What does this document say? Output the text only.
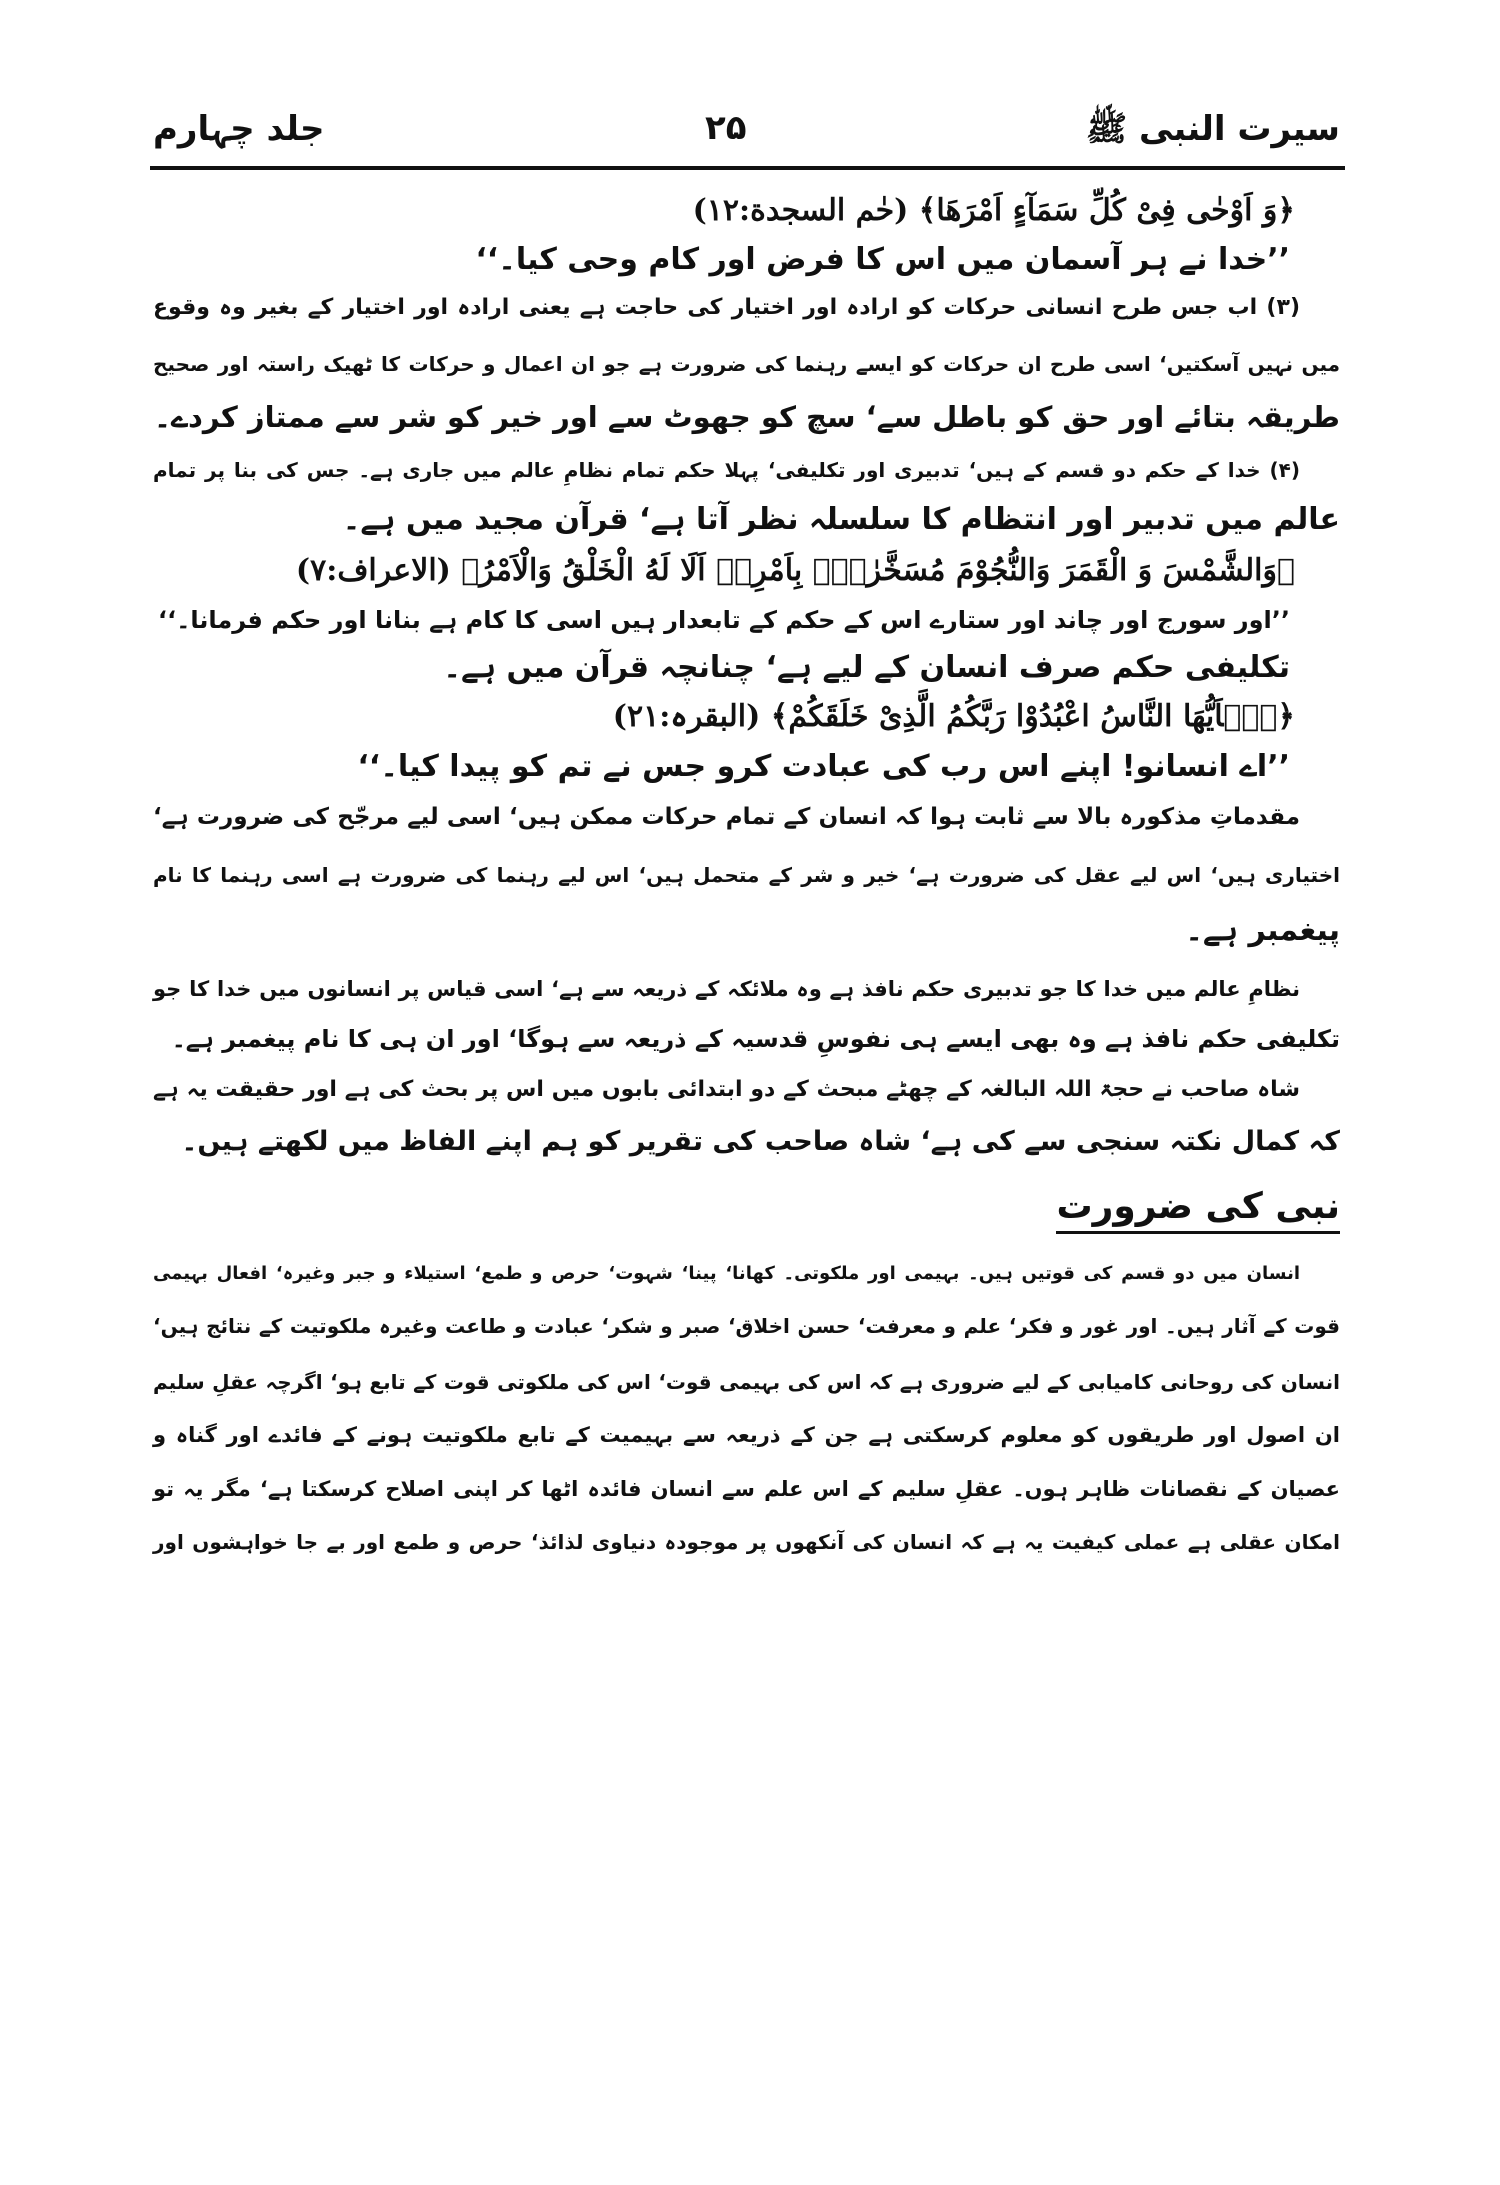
سیرت النبی ﷺ
۲۵
جلد چہارم
﴿وَ اَوْحٰی فِیْ كُلِّ سَمَآءٍ اَمْرَهَا﴾ (حٰم السجدة:۱۲)
’’خدا نے ہر آسمان میں اس کا فرض اور کام وحی کیا۔‘‘
(۳) اب جس طرح انسانی حرکات کو ارادہ اور اختیار کی حاجت ہے یعنی ارادہ اور اختیار کے بغیر وہ وقوع
میں نہیں آسکتیں‘ اسی طرح ان حرکات کو ایسے رہنما کی ضرورت ہے جو ان اعمال و حرکات کا ٹھیک راستہ اور صحیح
طریقہ بتائے اور حق کو باطل سے‘ سچ کو جھوٹ سے اور خیر کو شر سے ممتاز کردے۔
(۴) خدا کے حکم دو قسم کے ہیں‘ تدبیری اور تکلیفی‘ پہلا حکم تمام نظامِ عالم میں جاری ہے۔ جس کی بنا پر تمام
عالم میں تدبیر اور انتظام کا سلسلہ نظر آتا ہے‘ قرآن مجید میں ہے۔
﴿وَالشَّمْسَ وَ الْقَمَرَ وَالنُّجُوْمَ مُسَخَّرٰتٍۭ بِاَمْرِهٖ اَلَا لَهُ الْخَلْقُ وَالْاَمْرُ﴾ (الاعراف:۷)
’’اور سورج اور چاند اور ستارے اس کے حکم کے تابعدار ہیں اسی کا کام ہے بنانا اور حکم فرمانا۔‘‘
تکلیفی حکم صرف انسان کے لیے ہے‘ چنانچہ قرآن میں ہے۔
﴿یٰۤاَیُّهَا النَّاسُ اعْبُدُوْا رَبَّكُمُ الَّذِیْ خَلَقَكُمْ﴾ (البقرہ:۲۱)
’’اے انسانو! اپنے اس رب کی عبادت کرو جس نے تم کو پیدا کیا۔‘‘
مقدماتِ مذکورہ بالا سے ثابت ہوا کہ انسان کے تمام حرکات ممکن ہیں‘ اسی لیے مرجّح کی ضرورت ہے‘
اختیاری ہیں‘ اس لیے عقل کی ضرورت ہے‘ خیر و شر کے متحمل ہیں‘ اس لیے رہنما کی ضرورت ہے اسی رہنما کا نام
پیغمبر ہے۔
نظامِ عالم میں خدا کا جو تدبیری حکم نافذ ہے وہ ملائکہ کے ذریعہ سے ہے‘ اسی قیاس پر انسانوں میں خدا کا جو
تکلیفی حکم نافذ ہے وہ بھی ایسے ہی نفوسِ قدسیہ کے ذریعہ سے ہوگا‘ اور ان ہی کا نام پیغمبر ہے۔
شاہ صاحب نے حجۃ اللہ البالغہ کے چھٹے مبحث کے دو ابتدائی بابوں میں اس پر بحث کی ہے اور حقیقت یہ ہے
کہ کمال نکتہ سنجی سے کی ہے‘ شاہ صاحب کی تقریر کو ہم اپنے الفاظ میں لکھتے ہیں۔
نبی کی ضرورت
انسان میں دو قسم کی قوتیں ہیں۔ بہیمی اور ملکوتی۔ کھانا‘ پینا‘ شہوت‘ حرص و طمع‘ استیلاء و جبر وغیرہ‘ افعال بہیمی
قوت کے آثار ہیں۔ اور غور و فکر‘ علم و معرفت‘ حسن اخلاق‘ صبر و شکر‘ عبادت و طاعت وغیرہ ملکوتیت کے نتائج ہیں‘
انسان کی روحانی کامیابی کے لیے ضروری ہے کہ اس کی بہیمی قوت‘ اس کی ملکوتی قوت کے تابع ہو‘ اگرچہ عقلِ سلیم
ان اصول اور طریقوں کو معلوم کرسکتی ہے جن کے ذریعہ سے بہیمیت کے تابع ملکوتیت ہونے کے فائدے اور گناہ و
عصیان کے نقصانات ظاہر ہوں۔ عقلِ سلیم کے اس علم سے انسان فائدہ اٹھا کر اپنی اصلاح کرسکتا ہے‘ مگر یہ تو
امکان عقلی ہے عملی کیفیت یہ ہے کہ انسان کی آنکھوں پر موجودہ دنیاوی لذائذ‘ حرص و طمع اور بے جا خواہشوں اور
